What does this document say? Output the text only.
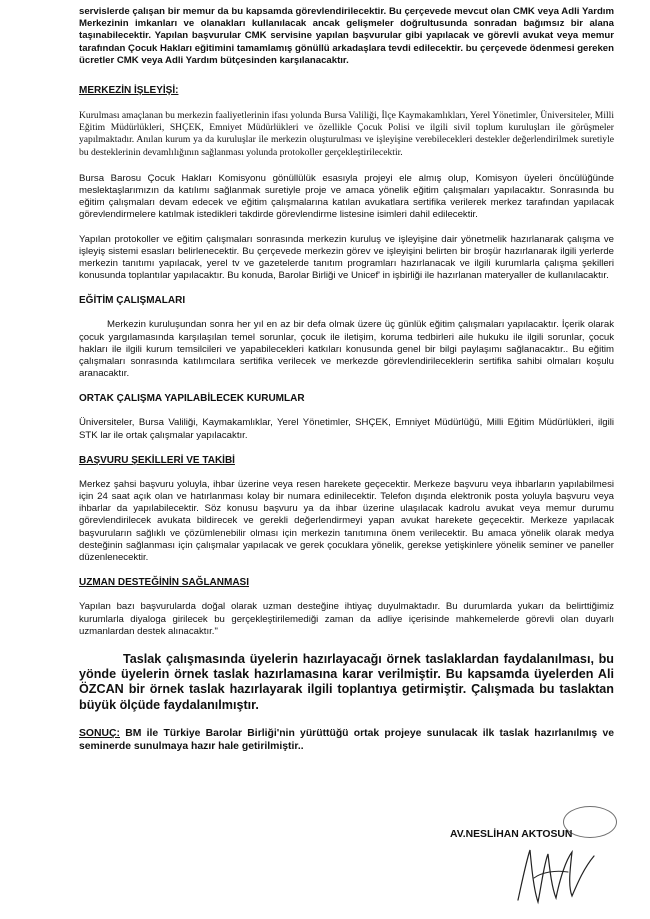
servislerde çalışan bir memur da bu kapsamda görevlendirilecektir. Bu çerçevede mevcut olan CMK veya Adli Yardım Merkezinin imkanları ve olanakları kullanılacak ancak gelişmeler doğrultusunda sonradan bağımsız bir alana taşınabilecektir. Yapılan başvurular CMK servisine yapılan başvurular gibi yapılacak ve görevli avukat veya memur tarafından Çocuk Hakları eğitimini tamamlamış gönüllü arkadaşlara tevdi edilecektir. bu çerçevede ödenmesi gereken ücretler CMK veya Adli Yardım bütçesinden karşılanacaktır.

MERKEZİN İŞLEYİŞİ:

Kurulması amaçlanan bu merkezin faaliyetlerinin ifası yolunda Bursa Valiliği, İlçe Kaymakamlıkları, Yerel Yönetimler, Üniversiteler, Milli Eğitim Müdürlükleri, SHÇEK, Emniyet Müdürlükleri ve özellikle Çocuk Polisi ve ilgili sivil toplum kuruluşları ile görüşmeler yapılmaktadır. Anılan kurum ya da kuruluşlar ile merkezin oluşturulması ve işleyişine verebilecekleri destekler değerlendirilmek suretiyle bu desteklerinin devamlılığının sağlanması yolunda protokoller gerçekleştirilecektir.

Bursa Barosu Çocuk Hakları Komisyonu gönüllülük esasıyla projeyi ele almış olup, Komisyon üyeleri öncülüğünde meslektaşlarımızın da katılımı sağlanmak suretiyle proje ve amaca yönelik eğitim çalışmaları yapılacaktır. Sonrasında bu eğitim çalışmaları devam edecek ve eğitim çalışmalarına katılan avukatlara sertifika verilerek merkez tarafından yapılacak görevlendirmelere katılmak istedikleri takdirde görevlendirme listesine isimleri dahil edilecektir.

Yapılan protokoller ve eğitim çalışmaları sonrasında merkezin kuruluş ve işleyişine dair yönetmelik hazırlanarak çalışma ve işleyiş sistemi esasları belirlenecektir. Bu çerçevede merkezin görev ve işleyişini belirten bir broşür hazırlanarak ilgili yerlerde merkezin tanıtımı yapılacak, yerel tv ve gazetelerde tanıtım programları hazırlanacak ve ilgili kurumlarla çalışma şekilleri konusunda toplantılar yapılacaktır. Bu konuda, Barolar Birliği ve Unicef' in işbirliği ile hazırlanan materyaller de kullanılacaktır.

EĞİTİM ÇALIŞMALARI

Merkezin kuruluşundan sonra her yıl en az bir defa olmak üzere üç günlük eğitim çalışmaları yapılacaktır. İçerik olarak çocuk yargılamasında karşılaşılan temel sorunlar, çocuk ile iletişim, koruma tedbirleri aile hukuku ile ilgili sorunlar, çocuk hakları ile ilgili kurum temsilcileri ve yapabilecekleri katkıları konusunda genel bir bilgi paylaşımı sağlanacaktır.. Bu eğitim çalışmaları sonrasında katılımcılara sertifika verilecek ve merkezde görevlendirileceklerin sertifika sahibi olmaları koşulu aranacaktır.

ORTAK ÇALIŞMA YAPILABİLECEK KURUMLAR

Üniversiteler, Bursa Valiliği, Kaymakamlıklar, Yerel Yönetimler, SHÇEK, Emniyet Müdürlüğü, Milli Eğitim Müdürlükleri, ilgili STK lar ile ortak çalışmalar yapılacaktır.

BAŞVURU ŞEKİLLERİ VE TAKİBİ

Merkez şahsi başvuru yoluyla, ihbar üzerine veya resen harekete geçecektir. Merkeze başvuru veya ihbarların yapılabilmesi için 24 saat açık olan ve hatırlanması kolay bir numara edinilecektir. Telefon dışında elektronik posta yoluyla başvuru veya ihbarlar da yapılabilecektir. Söz konusu başvuru ya da ihbar üzerine ulaşılacak kadrolu avukat veya memur durumu görevlendirilecek avukata bildirecek ve gerekli değerlendirmeyi yapan avukat harekete geçecektir. Merkeze yapılacak başvuruların sağlıklı ve çözümlenebilir olması için merkezin tanıtımına önem verilecektir. Bu amaca yönelik olarak medya desteğinin sağlanması için çalışmalar yapılacak ve gerek çocuklara yönelik, gerekse yetişkinlere yönelik seminer ve paneller düzenlenecektir.

UZMAN DESTEĞİNİN SAĞLANMASI

Yapılan bazı başvurularda doğal olarak uzman desteğine ihtiyaç duyulmaktadır. Bu durumlarda yukarı da belirttiğimiz kurumlarla diyaloga girilecek bu gerçekleştirilemediği zaman da adliye içerisinde mahkemelerde görevli olan duyarlı uzmanlardan destek alınacaktır."

Taslak çalışmasında üyelerin hazırlayacağı örnek taslaklardan faydalanılması, bu yönde üyelerin örnek taslak hazırlamasına karar verilmiştir. Bu kapsamda üyelerden Ali ÖZCAN bir örnek taslak hazırlayarak ilgili toplantıya getirmiştir. Çalışmada bu taslaktan büyük ölçüde faydalanılmıştır.

SONUÇ: BM ile Türkiye Barolar Birliği'nin yürüttüğü ortak projeye sunulacak ilk taslak hazırlanılmış ve seminerde sunulmaya hazır hale getirilmiştir..

AV.NESLİHAN AKTOSUN
